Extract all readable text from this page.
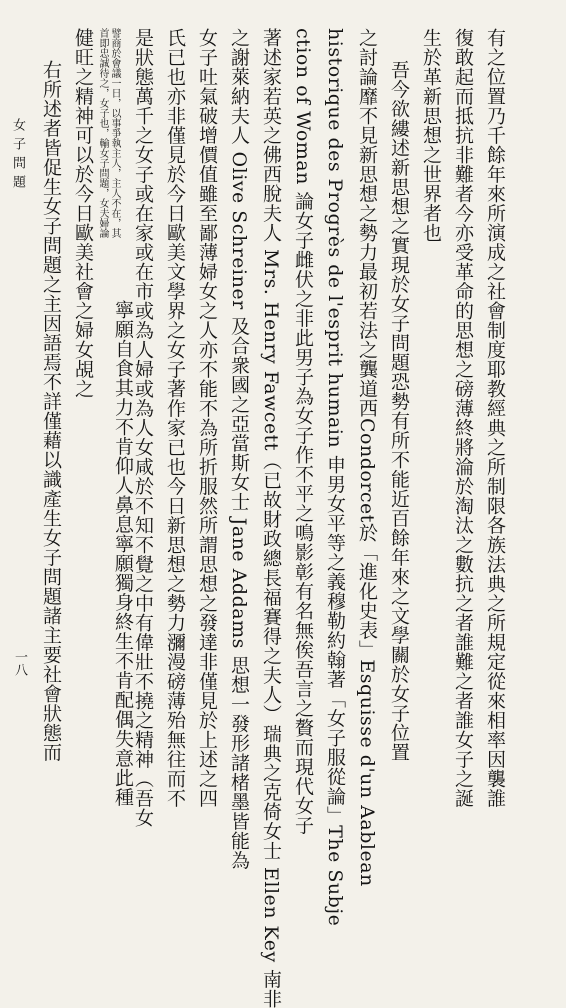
有之位置乃千餘年來所演成之社會制度耶教經典之所制限各族法典之所規定從來相率因襲誰
復敢起而抵抗非難者今亦受革命的思想之磅薄終將淪於淘汰之數抗之者誰難之者誰女子之誕
生於革新思想之世界者也
吾今欲縷述新思想之實現於女子問題恐勢有所不能近百餘年來之文學關於女子位置
之討論靡不見新思想之勢力最初若法之龔道西Condorcet於「進化史表」Esquisse d'un Aablean
historique des Progrès de l'esprit humain 申男女平等之義穆勒約翰著「女子服從論」The Subje
ction of Woman 論女子雌伏之非此男子為女子作不平之鳴影彰有名無俟吾言之贅而現代女子
著述家若英之佛西脫夫人 Mrs. Henry Fawcett（已故財政總長福賽得之夫人）瑞典之克倚女士 Ellen Key 南非
之謝萊納夫人 Olive Schreiner 及合衆國之亞當斯女士 Jane Addams 思想一發形諸楮墨皆能為
女子吐氣破增價值雖至鄙薄婦女之人亦不能不為所折服然所謂思想之發達非僅見於上述之四
氏已也亦非僅見於今日歐美文學界之女子著作家已也今日新思想之勢力瀰漫磅薄殆無往而不
是狀態萬千之女子或在家或在市或為人婦或為人女咸於不知不覺之中有偉壯不撓之精神（吾女
譬商於會議一日，以事爭執主人，主人不在，其
首即忠誠待之，女子也，輸女子問題，女夫婦論
寧願自食其力不肯仰人鼻息寧願獨身終生不肯配偶失意此種
健旺之精神可以於今日歐美社會之婦女覘之
右所述者皆促生女子問題之主因語焉不詳僅藉以識產生女子問題諸主要社會狀態而
女子問題
一八
